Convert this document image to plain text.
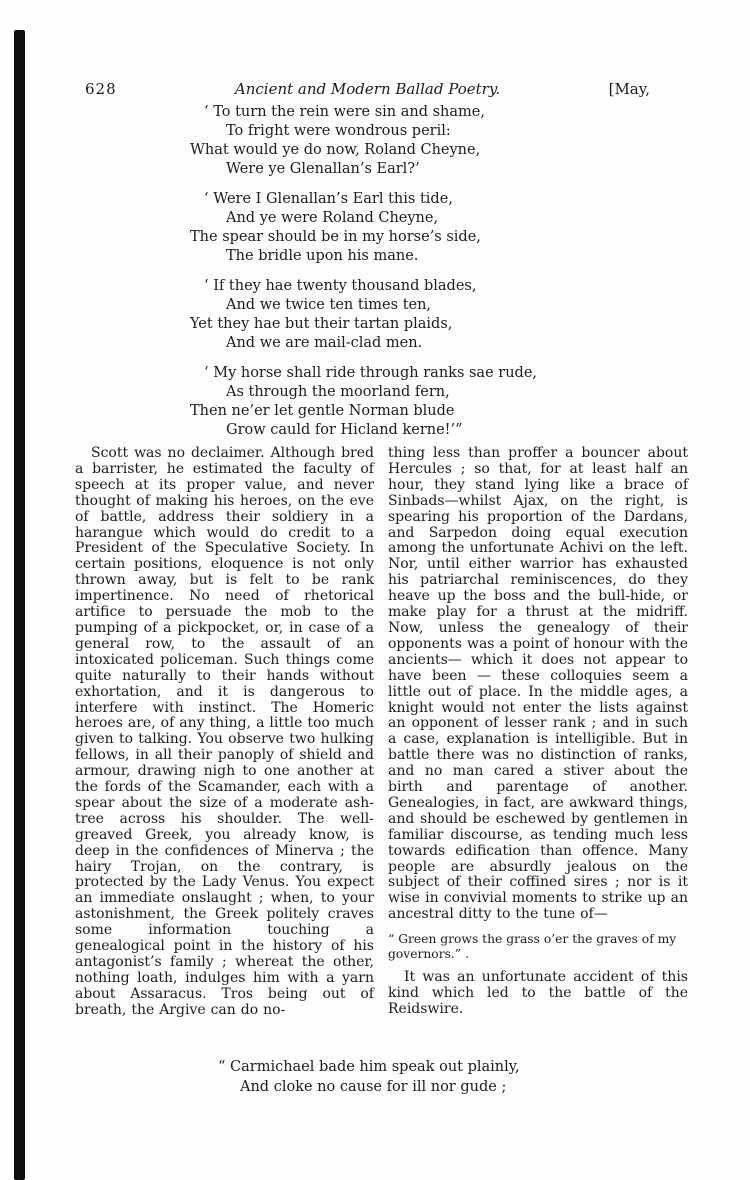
628	Ancient and Modern Ballad Poetry.	[May,
‘ To turn the rein were sin and shame,
To fright were wondrous peril:
What would ye do now, Roland Cheyne,
Were ye Glenallan’s Earl?’
‘ Were I Glenallan’s Earl this tide,
And ye were Roland Cheyne,
The spear should be in my horse’s side,
The bridle upon his mane.
‘ If they hae twenty thousand blades,
And we twice ten times ten,
Yet they hae but their tartan plaids,
And we are mail-clad men.
‘ My horse shall ride through ranks sae rude,
As through the moorland fern,
Then ne’er let gentle Norman blude
Grow cauld for Hicland kerne!’”

Scott was no declaimer. Although bred a barrister, he estimated the faculty of speech at its proper value, and never thought of making his heroes, on the eve of battle, address their soldiery in a harangue which would do credit to a President of the Speculative Society. In certain positions, eloquence is not only thrown away, but is felt to be rank impertinence. No need of rhetorical artifice to persuade the mob to the pumping of a pickpocket, or, in case of a general row, to the assault of an intoxicated policeman. Such things come quite naturally to their hands without exhortation, and it is dangerous to interfere with instinct. The Homeric heroes are, of any thing, a little too much given to talking. You observe two hulking fellows, in all their panoply of shield and armour, drawing nigh to one another at the fords of the Scamander, each with a spear about the size of a moderate ash-tree across his shoulder. The well-greaved Greek, you already know, is deep in the confidences of Minerva ; the hairy Trojan, on the contrary, is protected by the Lady Venus. You expect an immediate onslaught ; when, to your astonishment, the Greek politely craves some information touching a genealogical point in the history of his antagonist’s family ; whereat the other, nothing loath, indulges him with a yarn about Assaracus. Tros being out of breath, the Argive can do no-

thing less than proffer a bouncer about Hercules ; so that, for at least half an hour, they stand lying like a brace of Sinbads—whilst Ajax, on the right, is spearing his proportion of the Dardans, and Sarpedon doing equal execution among the unfortunate Achivi on the left. Nor, until either warrior has exhausted his patriarchal reminiscences, do they heave up the boss and the bull-hide, or make play for a thrust at the midriff. Now, unless the genealogy of their opponents was a point of honour with the ancients— which it does not appear to have been — these colloquies seem a little out of place. In the middle ages, a knight would not enter the lists against an opponent of lesser rank ; and in such a case, explanation is intelligible. But in battle there was no distinction of ranks, and no man cared a stiver about the birth and parentage of another. Genealogies, in fact, are awkward things, and should be eschewed by gentlemen in familiar discourse, as tending much less towards edification than offence. Many people are absurdly jealous on the subject of their coffined sires ; nor is it wise in convivial moments to strike up an ancestral ditty to the tune of—

“ Green grows the grass o’er the graves of my governors.” .

It was an unfortunate accident of this kind which led to the battle of the Reidswire.

“ Carmichael bade him speak out plainly,
And cloke no cause for ill nor gude ;
